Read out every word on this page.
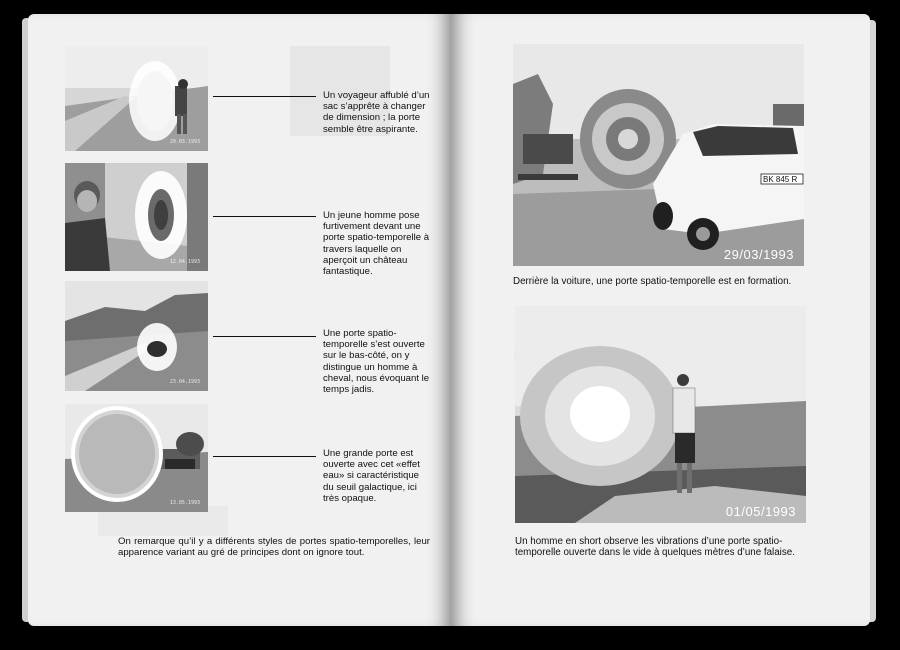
20.03.1993
Un voyageur affublé d’un sac s’apprête à changer de dimension ; la porte semble être aspirante.
12.04.1993
Un jeune homme pose furtivement devant une porte spatio-temporelle à travers laquelle on aperçoit un château fantastique.
23.04.1993
Une porte spatio-temporelle s’est ouverte sur le bas-côté, on y distingue un homme à cheval, nous évoquant le temps jadis.
13.05.1993
Une grande porte est ouverte avec cet «effet eau» si caractéristique du seuil galactique, ici très opaque.
On remarque qu’il y a différents styles de portes spatio-temporelles, leur apparence variant au gré de principes dont on ignore tout.
BK 845 R
29/03/1993
Derrière la voiture, une porte spatio-temporelle est en formation.
01/05/1993
Un homme en short observe les vibrations d’une porte spatio-temporelle ouverte dans le vide à quelques mètres d’une falaise.
